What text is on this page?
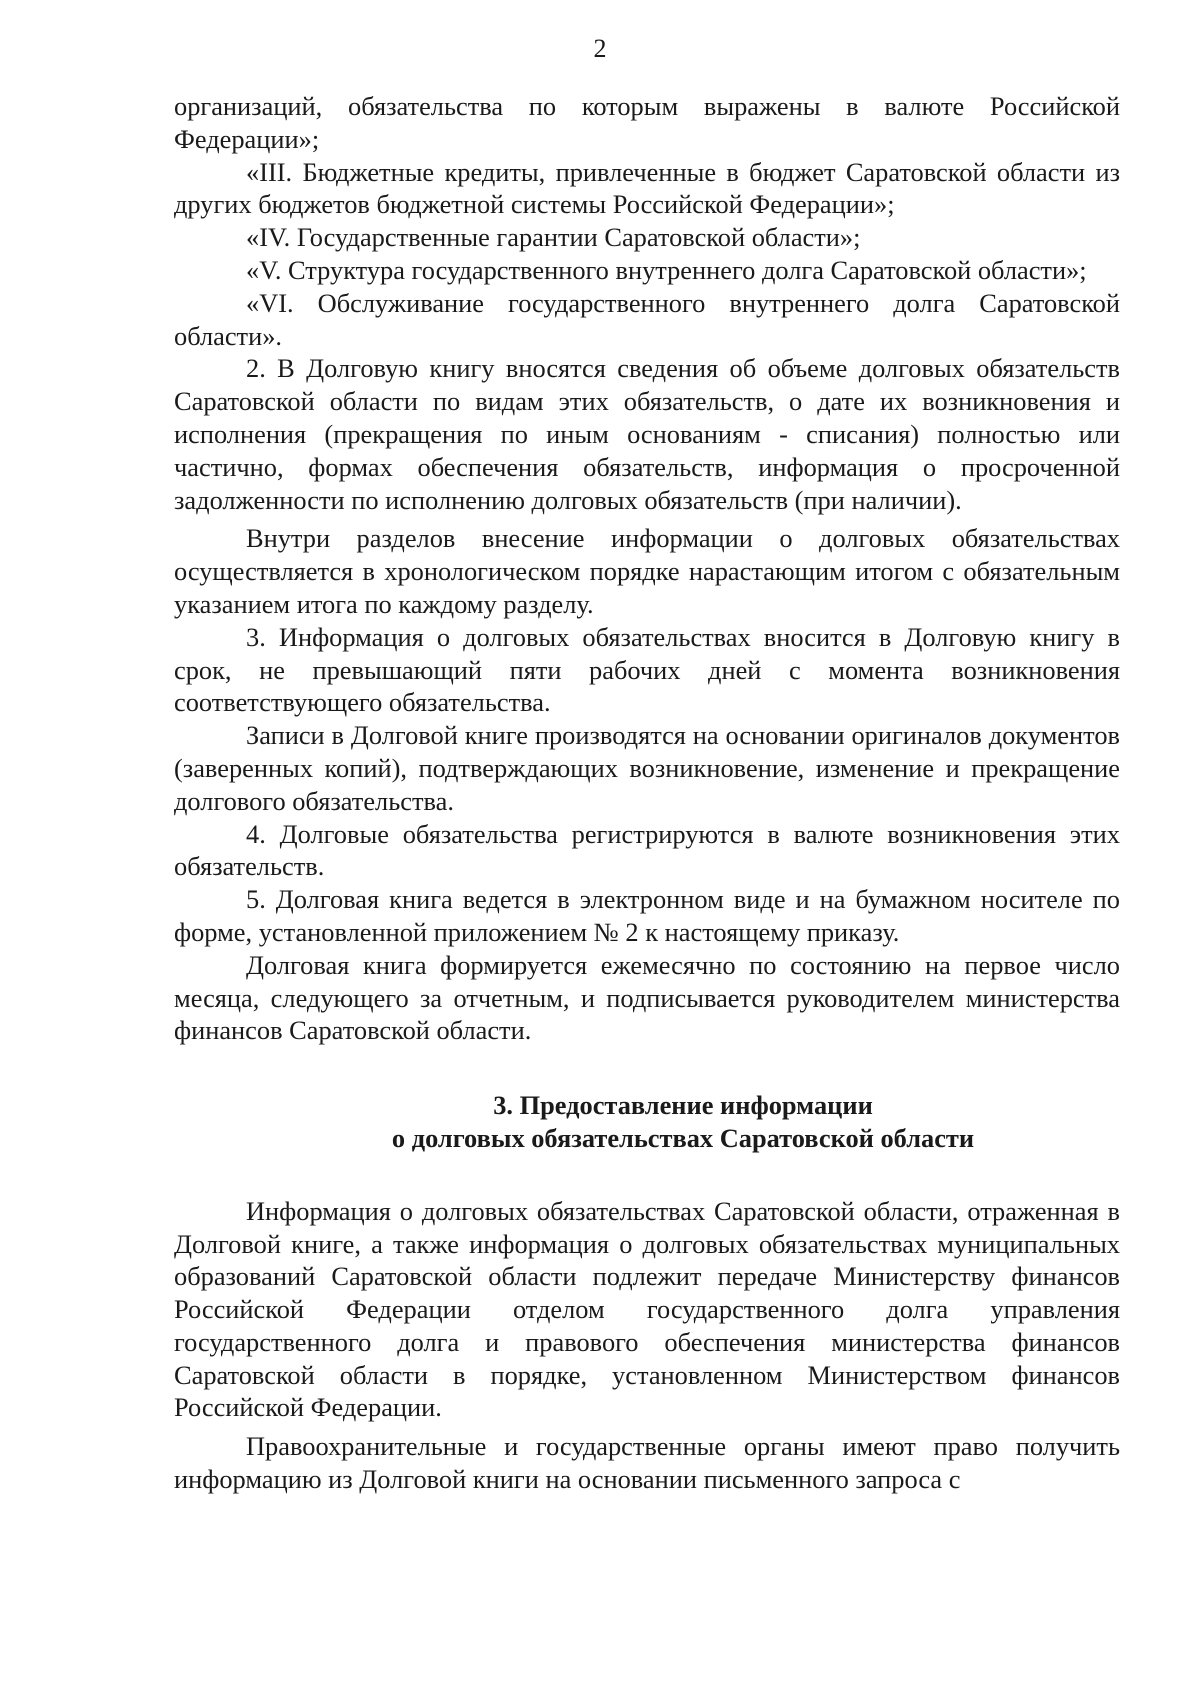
2

организаций, обязательства по которым выражены в валюте Российской Федерации»;

«III. Бюджетные кредиты, привлеченные в бюджет Саратовской области из других бюджетов бюджетной системы Российской Федерации»;

«IV. Государственные гарантии Саратовской области»;

«V. Структура государственного внутреннего долга Саратовской области»;

«VI. Обслуживание государственного внутреннего долга Саратовской области».

2. В Долговую книгу вносятся сведения об объеме долговых обязательств Саратовской области по видам этих обязательств, о дате их возникновения и исполнения (прекращения по иным основаниям - списания) полностью или частично, формах обеспечения обязательств, информация о просроченной задолженности по исполнению долговых обязательств (при наличии).

Внутри разделов внесение информации о долговых обязательствах осуществляется в хронологическом порядке нарастающим итогом с обязательным указанием итога по каждому разделу.

3. Информация о долговых обязательствах вносится в Долговую книгу в срок, не превышающий пяти рабочих дней с момента возникновения соответствующего обязательства.

Записи в Долговой книге производятся на основании оригиналов документов (заверенных копий), подтверждающих возникновение, изменение и прекращение долгового обязательства.

4. Долговые обязательства регистрируются в валюте возникновения этих обязательств.

5. Долговая книга ведется в электронном виде и на бумажном носителе по форме, установленной приложением № 2 к настоящему приказу.

Долговая книга формируется ежемесячно по состоянию на первое число месяца, следующего за отчетным, и подписывается руководителем министерства финансов Саратовской области.

3. Предоставление информации
о долговых обязательствах Саратовской области

Информация о долговых обязательствах Саратовской области, отраженная в Долговой книге, а также информация о долговых обязательствах муниципальных образований Саратовской области подлежит передаче Министерству финансов Российской Федерации отделом государственного долга управления государственного долга и правового обеспечения министерства финансов Саратовской области в порядке, установленном Министерством финансов Российской Федерации.

Правоохранительные и государственные органы имеют право получить информацию из Долговой книги на основании письменного запроса с
